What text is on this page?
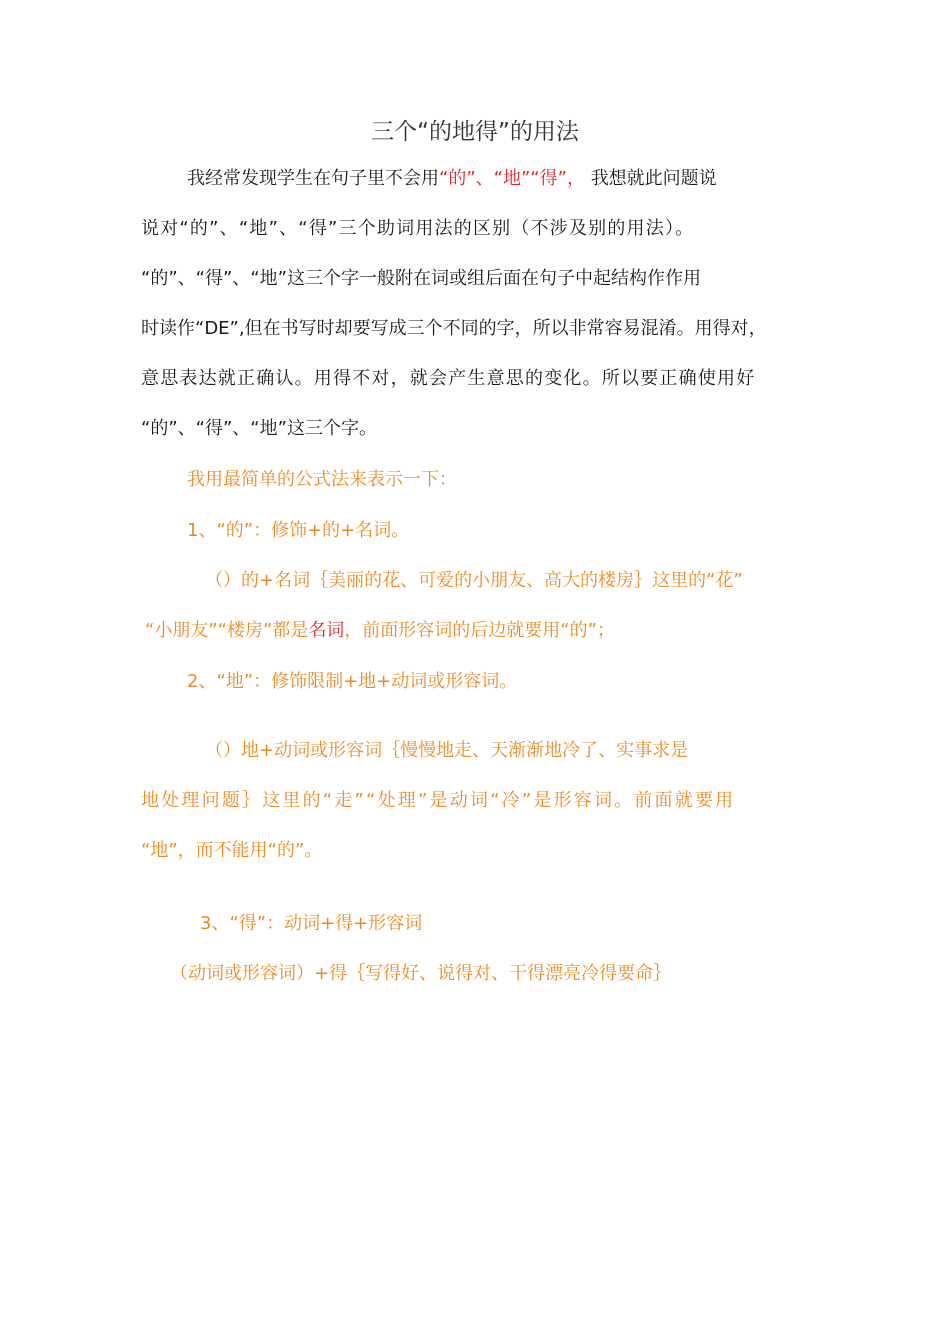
三个“的地得”的用法
我经常发现学生在句子里不会用“的”、“地”“得”， 我想就此问题说
说对“的”、“地”、“得”三个助词用法的区别（不涉及别的用法）。
“的”、“得”、“地”这三个字一般附在词或组后面在句子中起结构作作用
时读作“DE”,但在书写时却要写成三个不同的字，所以非常容易混淆。用得对，
意思表达就正确认。用得不对，就会产生意思的变化。所以要正确使用好
“的”、“得”、“地”这三个字。
我用最简单的公式法来表示一下：
1、“的”：修饰+的+名词。
（）的+名词｛美丽的花、可爱的小朋友、高大的楼房｝这里的“花”
“小朋友”“楼房”都是名词，前面形容词的后边就要用“的”；
2、“地”：修饰限制+地+动词或形容词。
（）地+动词或形容词｛慢慢地走、天渐渐地冷了、实事求是
地处理问题｝这里的“走”“处理”是动词“冷”是形容词。前面就要用
“地”，而不能用“的”。
3、“得”：动词+得+形容词
（动词或形容词）+得｛写得好、说得对、干得漂亮冷得要命｝
